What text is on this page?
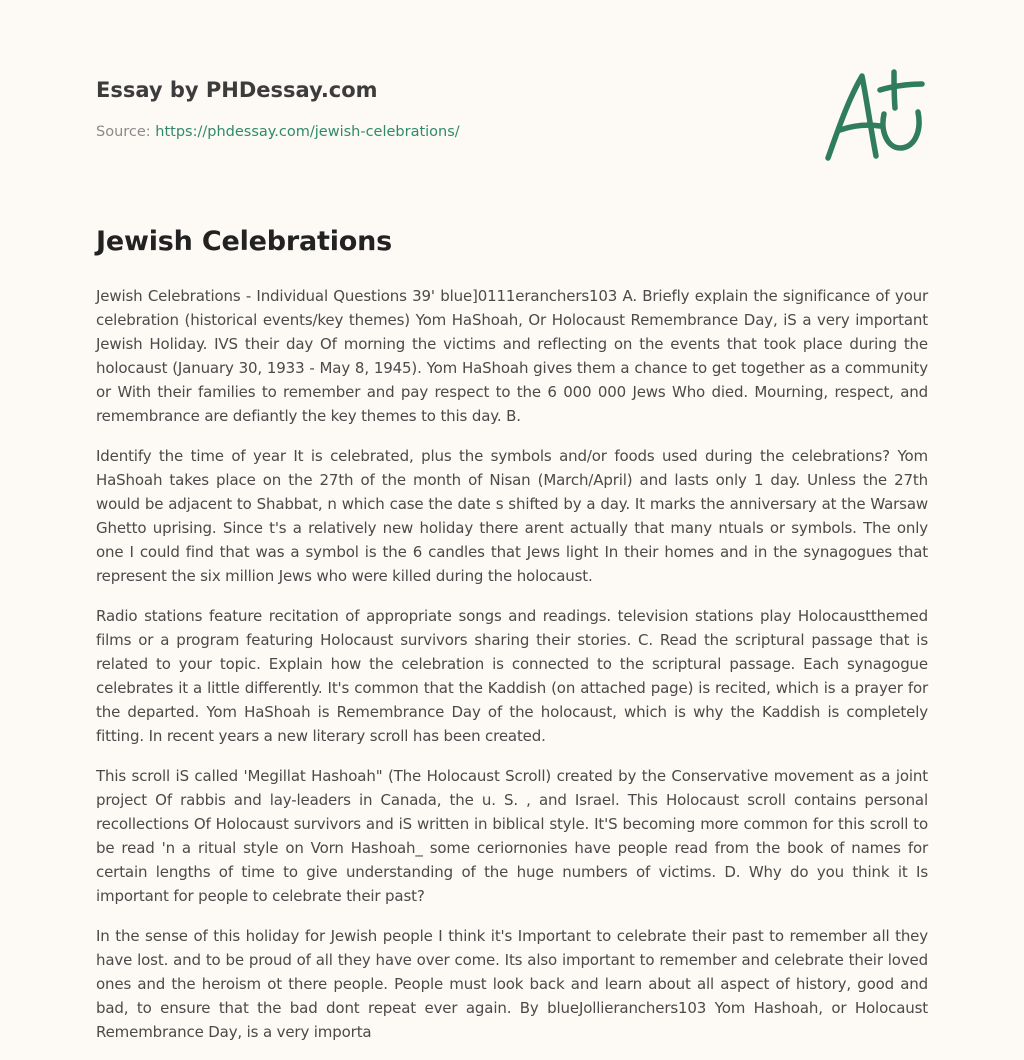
Essay by PHDessay.com
Source: https://phdessay.com/jewish-celebrations/
Jewish Celebrations

Jewish Celebrations - Individual Questions 39' blue]0111eranchers103 A. Briefly explain the significance of your celebration (historical events/key themes) Yom HaShoah, Or Holocaust Remembrance Day, iS a very important Jewish Holiday. IVS their day Of morning the victims and reflecting on the events that took place during the holocaust (January 30, 1933 - May 8, 1945). Yom HaShoah gives them a chance to get together as a community or With their families to remember and pay respect to the 6 000 000 Jews Who died. Mourning, respect, and remembrance are defiantly the key themes to this day. B.

Identify the time of year It is celebrated, plus the symbols and/or foods used during the celebrations? Yom HaShoah takes place on the 27th of the month of Nisan (March/April) and lasts only 1 day. Unless the 27th would be adjacent to Shabbat, n which case the date s shifted by a day. It marks the anniversary at the Warsaw Ghetto uprising. Since t's a relatively new holiday there arent actually that many ntuals or symbols. The only one I could find that was a symbol is the 6 candles that Jews light In their homes and in the synagogues that represent the six million Jews who were killed during the holocaust.

Radio stations feature recitation of appropriate songs and readings. television stations play Holocaustthemed films or a program featuring Holocaust survivors sharing their stories. C. Read the scriptural passage that is related to your topic. Explain how the celebration is connected to the scriptural passage. Each synagogue celebrates it a little differently. It's common that the Kaddish (on attached page) is recited, which is a prayer for the departed. Yom HaShoah is Remembrance Day of the holocaust, which is why the Kaddish is completely fitting. In recent years a new literary scroll has been created.

This scroll iS called 'Megillat Hashoah" (The Holocaust Scroll) created by the Conservative movement as a joint project Of rabbis and lay-leaders in Canada, the u. S. , and Israel. This Holocaust scroll contains personal recollections Of Holocaust survivors and iS written in biblical style. It'S becoming more common for this scroll to be read 'n a ritual style on Vorn Hashoah_ some ceriornonies have people read from the book of names for certain lengths of time to give understanding of the huge numbers of victims. D. Why do you think it Is important for people to celebrate their past?

In the sense of this holiday for Jewish people I think it's Important to celebrate their past to remember all they have lost. and to be proud of all they have over come. Its also important to remember and celebrate their loved ones and the heroism ot there people. People must look back and learn about all aspect of history, good and bad, to ensure that the bad dont repeat ever again. By blueJollieranchers103 Yom Hashoah, or Holocaust Remembrance Day, is a very importa
